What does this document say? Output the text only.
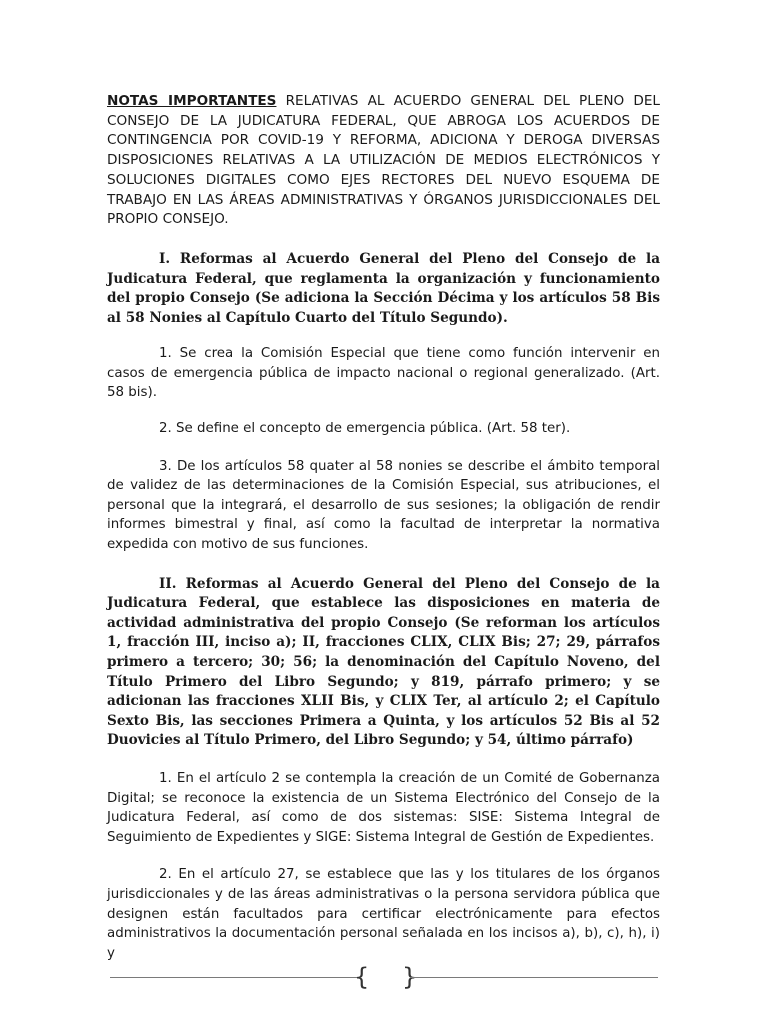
NOTAS IMPORTANTES RELATIVAS AL ACUERDO GENERAL DEL PLENO DEL CONSEJO DE LA JUDICATURA FEDERAL, QUE ABROGA LOS ACUERDOS DE CONTINGENCIA POR COVID-19 Y REFORMA, ADICIONA Y DEROGA DIVERSAS DISPOSICIONES RELATIVAS A LA UTILIZACIÓN DE MEDIOS ELECTRÓNICOS Y SOLUCIONES DIGITALES COMO EJES RECTORES DEL NUEVO ESQUEMA DE TRABAJO EN LAS ÁREAS ADMINISTRATIVAS Y ÓRGANOS JURISDICCIONALES DEL PROPIO CONSEJO.

I. Reformas al Acuerdo General del Pleno del Consejo de la Judicatura Federal, que reglamenta la organización y funcionamiento del propio Consejo (Se adiciona la Sección Décima y los artículos 58 Bis al 58 Nonies al Capítulo Cuarto del Título Segundo).

1. Se crea la Comisión Especial que tiene como función intervenir en casos de emergencia pública de impacto nacional o regional generalizado. (Art. 58 bis).

2. Se define el concepto de emergencia pública. (Art. 58 ter).

3. De los artículos 58 quater al 58 nonies se describe el ámbito temporal de validez de las determinaciones de la Comisión Especial, sus atribuciones, el personal que la integrará, el desarrollo de sus sesiones; la obligación de rendir informes bimestral y final, así como la facultad de interpretar la normativa expedida con motivo de sus funciones.

II. Reformas al Acuerdo General del Pleno del Consejo de la Judicatura Federal, que establece las disposiciones en materia de actividad administrativa del propio Consejo (Se reforman los artículos 1, fracción III, inciso a); II, fracciones CLIX, CLIX Bis; 27; 29, párrafos primero a tercero; 30; 56; la denominación del Capítulo Noveno, del Título Primero del Libro Segundo; y 819, párrafo primero; y se adicionan las fracciones XLII Bis, y CLIX Ter, al artículo 2; el Capítulo Sexto Bis, las secciones Primera a Quinta, y los artículos 52 Bis al 52 Duovicies al Título Primero, del Libro Segundo; y 54, último párrafo)

1. En el artículo 2 se contempla la creación de un Comité de Gobernanza Digital; se reconoce la existencia de un Sistema Electrónico del Consejo de la Judicatura Federal, así como de dos sistemas: SISE: Sistema Integral de Seguimiento de Expedientes y SIGE: Sistema Integral de Gestión de Expedientes.

2. En el artículo 27, se establece que las y los titulares de los órganos jurisdiccionales y de las áreas administrativas o la persona servidora pública que designen están facultados para certificar electrónicamente para efectos administrativos la documentación personal señalada en los incisos a), b), c), h), i) y

{ }
